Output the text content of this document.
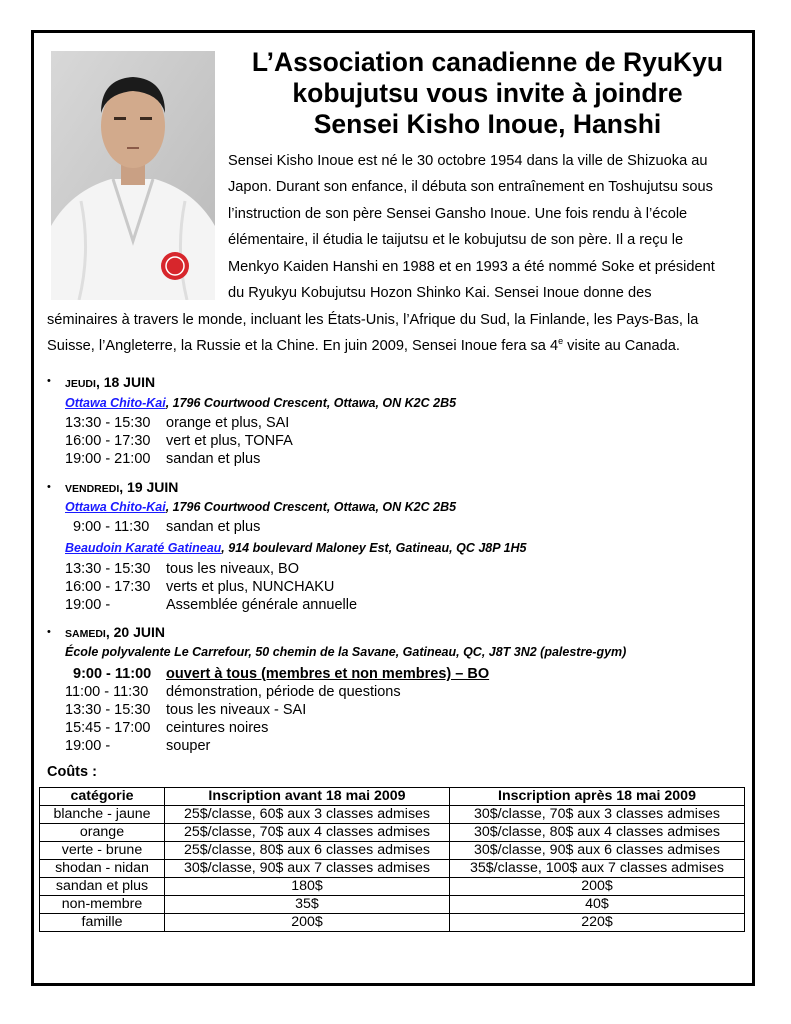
L’Association canadienne de RyuKyu
kobujutsu vous invite à joindre
Sensei Kisho Inoue, Hanshi
Sensei Kisho Inoue est né le 30 octobre 1954 dans la ville de Shizuoka au
Japon. Durant son enfance, il débuta son entraînement en Toshujutsu sous
l’instruction de son père Sensei Gansho Inoue. Une fois rendu à l’école
élémentaire, il étudia le taijutsu et le kobujutsu de son père. Il a reçu le
Menkyo Kaiden Hanshi en 1988 et en 1993 a été nommé Soke et président
du Ryukyu Kobujutsu Hozon Shinko Kai. Sensei Inoue donne des
séminaires à travers le monde, incluant les États-Unis, l’Afrique du Sud, la Finlande, les Pays-Bas, la
Suisse, l’Angleterre, la Russie et la Chine. En juin 2009, Sensei Inoue fera sa 4e visite au Canada.
• JEUDI, 18 JUIN
Ottawa Chito-Kai, 1796 Courtwood Crescent, Ottawa, ON K2C 2B5
13:30 - 15:30 orange et plus, SAI
16:00 - 17:30 vert et plus, TONFA
19:00 - 21:00 sandan et plus
• VENDREDI, 19 JUIN
Ottawa Chito-Kai, 1796 Courtwood Crescent, Ottawa, ON K2C 2B5
9:00 - 11:30 sandan et plus
Beaudoin Karaté Gatineau, 914 boulevard Maloney Est, Gatineau, QC J8P 1H5
13:30 - 15:30 tous les niveaux, BO
16:00 - 17:30 verts et plus, NUNCHAKU
19:00 -	Assemblée générale annuelle
• SAMEDI, 20 JUIN
École polyvalente Le Carrefour, 50 chemin de la Savane, Gatineau, QC, J8T 3N2 (palestre-gym)
9:00 - 11:00 ouvert à tous (membres et non membres) – BO
11:00 - 11:30 démonstration, période de questions
13:30 - 15:30 tous les niveaux - SAI
15:45 - 17:00 ceintures noires
19:00 -	souper
Coûts :
catégorie	Inscription avant 18 mai 2009	Inscription après 18 mai 2009
blanche - jaune	25$/classe, 60$ aux 3 classes admises	30$/classe, 70$ aux 3 classes admises
orange	25$/classe, 70$ aux 4 classes admises	30$/classe, 80$ aux 4 classes admises
verte - brune	25$/classe, 80$ aux 6 classes admises	30$/classe, 90$ aux 6 classes admises
shodan - nidan	30$/classe, 90$ aux 7 classes admises	35$/classe, 100$ aux 7 classes admises
sandan et plus	180$	200$
non-membre	35$	40$
famille	200$	220$
